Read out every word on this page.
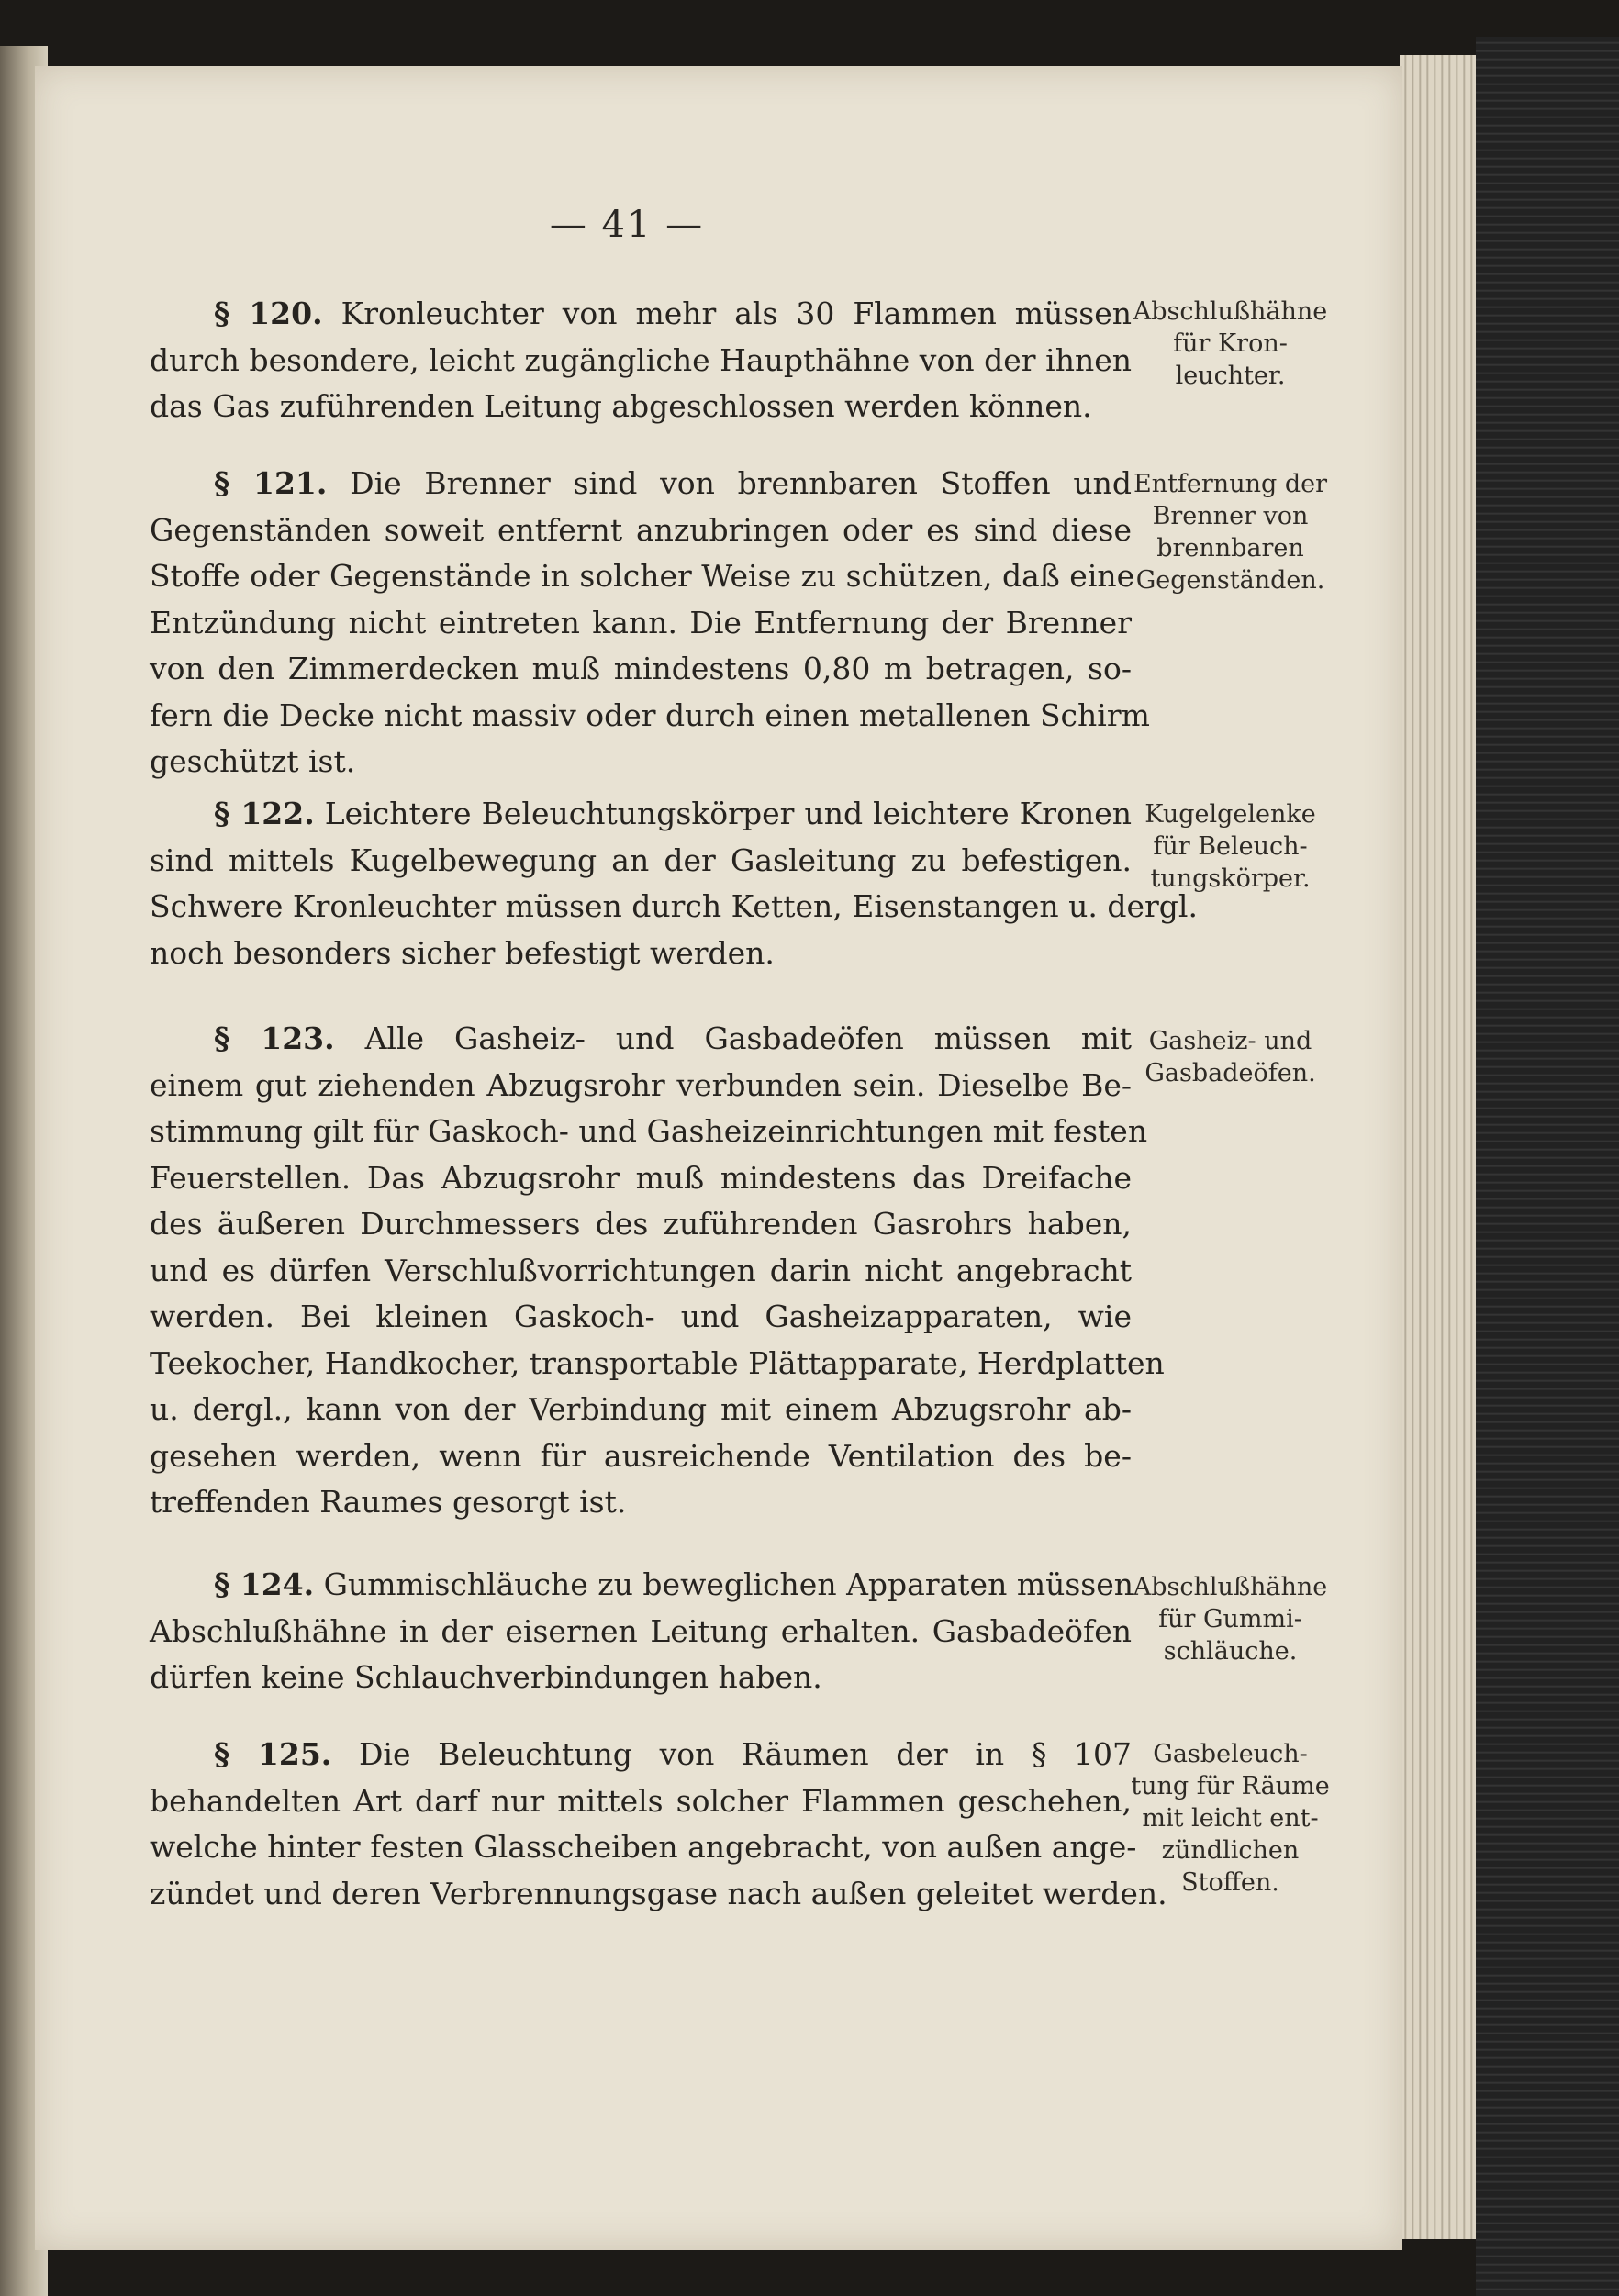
— 41 —
§ 120. Kronleuchter von mehr als 30 Flammen müssen
durch besondere, leicht zugängliche Haupthähne von der ihnen
das Gas zuführenden Leitung abgeschlossen werden können.
Abschlußhähne
für Kron-
leuchter.
§ 121. Die Brenner sind von brennbaren Stoffen und
Gegenständen soweit entfernt anzubringen oder es sind diese
Stoffe oder Gegenstände in solcher Weise zu schützen, daß eine
Entzündung nicht eintreten kann. Die Entfernung der Brenner
von den Zimmerdecken muß mindestens 0,80 m betragen, so-
fern die Decke nicht massiv oder durch einen metallenen Schirm
geschützt ist.
Entfernung der
Brenner von
brennbaren
Gegenständen.
§ 122. Leichtere Beleuchtungskörper und leichtere Kronen
sind mittels Kugelbewegung an der Gasleitung zu befestigen.
Schwere Kronleuchter müssen durch Ketten, Eisenstangen u. dergl.
noch besonders sicher befestigt werden.
Kugelgelenke
für Beleuch-
tungskörper.
§ 123. Alle Gasheiz- und Gasbadeöfen müssen mit
einem gut ziehenden Abzugsrohr verbunden sein. Dieselbe Be-
stimmung gilt für Gaskoch- und Gasheizeinrichtungen mit festen
Feuerstellen. Das Abzugsrohr muß mindestens das Dreifache
des äußeren Durchmessers des zuführenden Gasrohrs haben,
und es dürfen Verschlußvorrichtungen darin nicht angebracht
werden. Bei kleinen Gaskoch- und Gasheizapparaten, wie
Teekocher, Handkocher, transportable Plättapparate, Herdplatten
u. dergl., kann von der Verbindung mit einem Abzugsrohr ab-
gesehen werden, wenn für ausreichende Ventilation des be-
treffenden Raumes gesorgt ist.
Gasheiz- und
Gasbadeöfen.
§ 124. Gummischläuche zu beweglichen Apparaten müssen
Abschlußhähne in der eisernen Leitung erhalten. Gasbadeöfen
dürfen keine Schlauchverbindungen haben.
Abschlußhähne
für Gummi-
schläuche.
§ 125. Die Beleuchtung von Räumen der in § 107
behandelten Art darf nur mittels solcher Flammen geschehen,
welche hinter festen Glasscheiben angebracht, von außen ange-
zündet und deren Verbrennungsgase nach außen geleitet werden.
Gasbeleuch-
tung für Räume
mit leicht ent-
zündlichen
Stoffen.
